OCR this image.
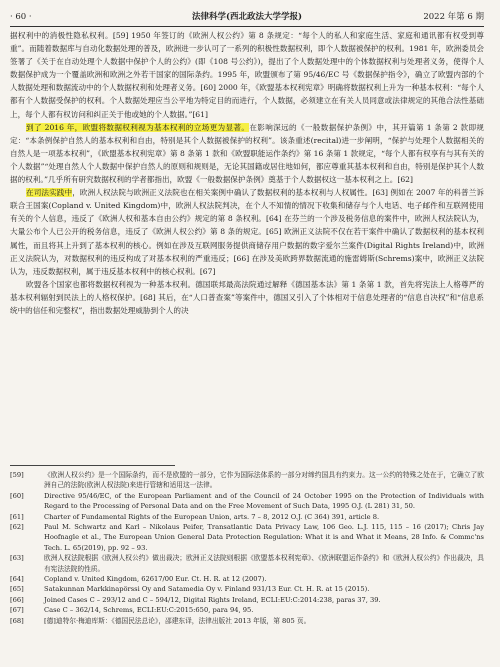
法律科学(西北政法大学学报)
· 60 ·	2022 年第 6 期

据权利中的消极性隐私权利。[59] 1950 年签订的《欧洲人权公约》第 8 条规定：“每个人的私人和家庭生活、家庭和通讯都有权受到尊重”。而随着数据库与自动化数据处理的普及，欧洲进一步认可了一系列的积极性数据权利，即个人数据被保护的权利。1981 年，欧洲委员会签署了《关于在自动处理个人数据中保护个人的公约》(即《108 号公约》)，提出了个人数据处理中的个体数据权利与处理者义务，使得个人数据保护成为一个覆盖欧洲和欧洲之外若干国家的国际条约。1995 年，欧盟颁布了第 95/46/EC 号《数据保护指令》，确立了欧盟内部的个人数据处理和数据流动中的个人数据权利和处理者义务。[60] 2000 年，《欧盟基本权利宪章》明确将数据权利上升为一种基本权利：“每个人都有个人数据受保护的权利。个人数据处理应当公平地为特定目的而进行，个人数据，必须建立在有关人员同意或法律规定的其他合法性基础上，每个人都有权访问和纠正关于他或她的个人数据。”[61]

到了 2016 年，欧盟将数据权利视为基本权利的立场更为显著。在影响深远的《一般数据保护条例》中，其开篇第 1 条第 2 款即规定：“本条例保护自然人的基本权利和自由，特别是其个人数据被保护的权利”。该条重述(recital)进一步阐明，“保护与处理个人数据相关的自然人是一项基本权利”，《欧盟基本权利宪章》第 8 条第 1 款和《欧盟职能运作条约》第 16 条第 1 款规定，“每个人都有权享有与其有关的个人数据”“处理自然人个人数据中保护自然人的原则和规则是，无论其国籍或居住地如何，都应尊重其基本权利和自由，特别是保护其个人数据的权利。”几乎所有研究数据权利的学者都指出，欧盟《一般数据保护条例》奠基于个人数据权这一基本权利之上。[62]

在司法实践中，欧洲人权法院与欧洲正义法院也在相关案例中确认了数据权利的基本权利与人权属性。[63] 例如在 2007 年的科普兰诉联合王国案(Copland v. United Kingdom)中，欧洲人权法院判决，在个人不知情的情况下收集和储存与个人电话、电子邮件和互联网使用有关的个人信息，违反了《欧洲人权和基本自由公约》规定的第 8 条权利。[64] 在芬兰的一个涉及税务信息的案件中，欧洲人权法院认为，大量公布个人已公开的税务信息，违反了《欧洲人权公约》第 8 条的规定。[65] 欧洲正义法院不仅在若干案件中确认了数据权利的基本权利属性，而且将其上升到了基本权利的核心。例如在涉及互联网服务提供商储存用户数据的数字爱尔兰案件(Digital Rights Ireland)中，欧洲正义法院认为，对数据权利的违反构成了对基本权利的严重违反；[66] 在涉及美欧跨界数据流通的施雷姆斯(Schrems)案中，欧洲正义法院认为，违反数据权利，属于违反基本权利中的核心权利。[67]

欧盟各个国家也都将数据权利视为一种基本权利。德国联邦最高法院通过解释《德国基本法》第 1 条第 1 款，首先将宪法上人格尊严的基本权利辐射到民法上的人格权保护。[68] 其后，在“人口普查案”等案件中，德国又引入了个体相对于信息处理者的“信息自决权”和“信息系统中的信任和完整权”，指出数据处理威胁到个人的决

[59]	《欧洲人权公约》是一个国际条约，而不是欧盟的一部分，它作为国际法体系的一部分对缔约国具有约束力。这一公约的特殊之处在于，它确立了欧洲自己的法院(欧洲人权法院)来进行管辖和适用这一法律。
[60]	Directive 95/46/EC, of the European Parliament and of the Council of 24 October 1995 on the Protection of Individuals with Regard to the Processing of Personal Data and on the Free Movement of Such Data, 1995 O.J. (L 281) 31, 50.
[61]	Charter of Fundamental Rights of the European Union, arts. 7 – 8, 2012 O.J. (C 364) 391, article 8.
[62]	Paul M. Schwartz and Karl – Nikolaus Peifer, Transatlantic Data Privacy Law, 106 Geo. L.J. 115, 115 – 16 (2017); Chris Jay Hoofnagle et al., The European Union General Data Protection Regulation: What it is and What it Means, 28 Info. & Commc'ns Tech. L. 65(2019), pp. 92 – 93.
[63]	欧洲人权法院根据《欧洲人权公约》做出裁决；欧洲正义法院则根据《欧盟基本权利宪章》、《欧洲联盟运作条约》和《欧洲人权公约》作出裁决，具有宪法法院的性质。
[64]	Copland v. United Kingdom, 62617/00 Eur. Ct. H. R. at 12 (2007).
[65]	Satakunnan Markkinapörssi Oy and Satamedia Oy v. Finland 931/13 Eur. Ct. H. R. at 15 (2015).
[66]	Joined Cases C – 293/12 and C – 594/12, Digital Rights Ireland, ECLI:EU:C:2014:238, paras 37, 39.
[67]	Case C – 362/14, Schrems, ECLI:EU:C:2015:650, para 94, 95.
[68]	[德]迪特尔·梅迪库斯：《德国民法总论》，邵建东译，法律出版社 2013 年版，第 805 页。
